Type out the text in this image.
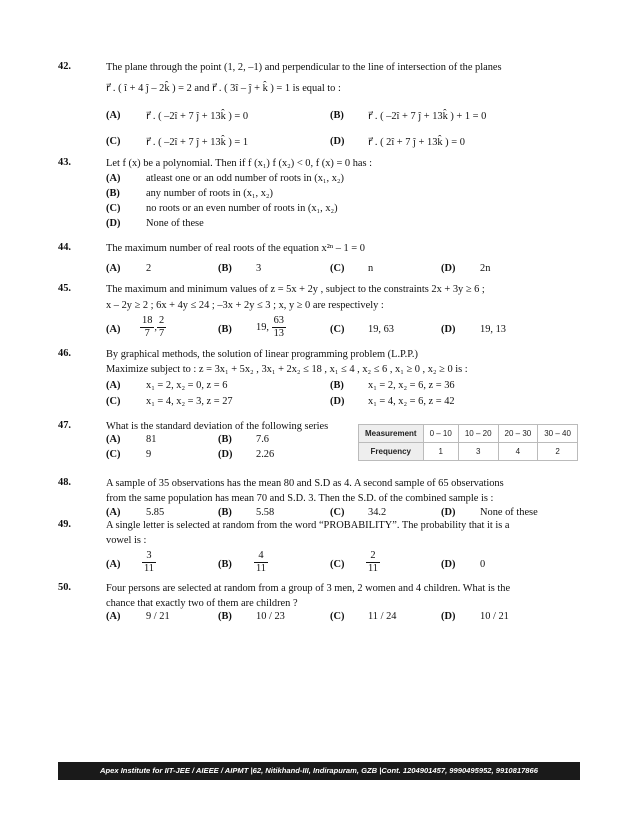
42.	The plane through the point (1, 2, –1) and perpendicular to the line of intersection of the planes
r⃗ . ( î + 4 ĵ – 2k̂ ) = 2 and r⃗ . ( 3î – ĵ + k̂ ) = 1 is equal to :
(A) r⃗ . ( –2î + 7 ĵ + 13k̂ ) = 0	(B) r⃗ . ( –2î + 7 ĵ + 13k̂ ) + 1 = 0
(C) r⃗ . ( –2î + 7 ĵ + 13k̂ ) = 1	(D) r⃗ . ( 2î + 7 ĵ + 13k̂ ) = 0
43.	Let f (x) be a polynomial. Then if f (x₁) f (x₂) < 0, f (x) = 0 has :
(A) atleast one or an odd number of roots in (x₁, x₂)
(B)	any number of roots in (x₁, x₂)
(C) no roots or an even number of roots in (x₁, x₂)
(D) None of these
44.	The maximum number of real roots of the equation x²ⁿ – 1 = 0
(A) 2	(B) 3	(C) n	(D) 2n
45.	The maximum and minimum values of z = 5x + 2y , subject to the constraints 2x + 3y ≥ 6 ;
x – 2y ≥ 2 ; 6x + 4y ≤ 24 ; –3x + 2y ≤ 3 ; x, y ≥ 0 are respectively :
$(A) \frac{18}{7}$ , $\frac{2}{7}$	(B) 19, $\frac{63}{13}$	(C) 19, 63	(D) 19, 13
46.	By graphical methods, the solution of linear programming problem (L.P.P.)
Maximize subject to : z = 3x₁ + 5x₂ , 3x₁ + 2x₂ ≤ 18 , x₁ ≤ 4 , x₂ ≤ 6 , x₁ ≥ 0 , x₂ ≥ 0 is :
(A) x₁ = 2, x₂ = 0, z = 6	(B) x₁ = 2, x₂ = 6, z = 36
(C) x₁ = 4, x₂ = 3, z = 27	(D) x₁ = 4, x₂ = 6, z = 42
47.	What is the standard deviation of the following series
(A) 81	(B) 7.6
(C) 9	(D) 2.26
Measurement	0 – 10	10 – 20	20 – 30	30 – 40
Frequency	1	3	4	2
48.	A sample of 35 observations has the mean 80 and S.D as 4. A second sample of 65 observations
from the same population has mean 70 and S.D. 3. Then the S.D. of the combined sample is :
(A) 5.85	(B) 5.58	(C) 34.2	(D) None of these
49.	A single letter is selected at random from the word “PROBABILITY”. The probability that it is a
vowel is :
$(A) \frac{3}{11}$	$(B) \frac{4}{11}$	$(C) \frac{2}{11}$	(D) 0
50.	Four persons are selected at random from a group of 3 men, 2 women and 4 children. What is the
chance that exactly two of them are children ?
(A) 9 / 21	(B) 10 / 23	(C) 11 / 24	(D) 10 / 21
Apex Institute for IIT-JEE / AIEEE / AIPMT |62, Nitikhand-III, Indirapuram, GZB |Cont. 1204901457, 9990495952, 9910817866
